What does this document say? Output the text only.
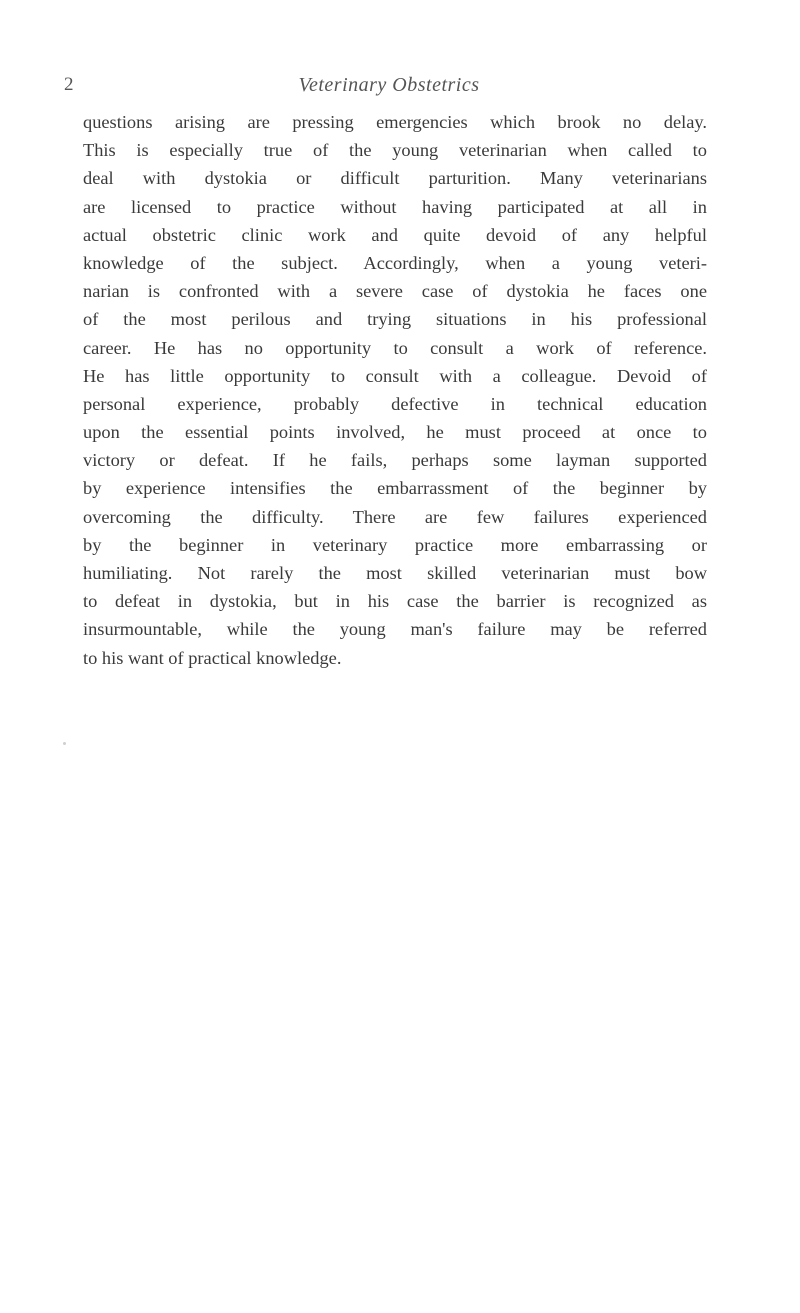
2	Veterinary Obstetrics
questions arising are pressing emergencies which brook no delay.
This is especially true of the young veterinarian when called to
deal with dystokia or difficult parturition. Many veterinarians
are licensed to practice without having participated at all in
actual obstetric clinic work and quite devoid of any helpful
knowledge of the subject. Accordingly, when a young veteri-
narian is confronted with a severe case of dystokia he faces one
of the most perilous and trying situations in his professional
career. He has no opportunity to consult a work of reference.
He has little opportunity to consult with a colleague. Devoid of
personal experience, probably defective in technical education
upon the essential points involved, he must proceed at once to
victory or defeat. If he fails, perhaps some layman supported
by experience intensifies the embarrassment of the beginner by
overcoming the difficulty. There are few failures experienced
by the beginner in veterinary practice more embarrassing or
humiliating. Not rarely the most skilled veterinarian must bow
to defeat in dystokia, but in his case the barrier is recognized as
insurmountable, while the young man's failure may be referred
to his want of practical knowledge.
